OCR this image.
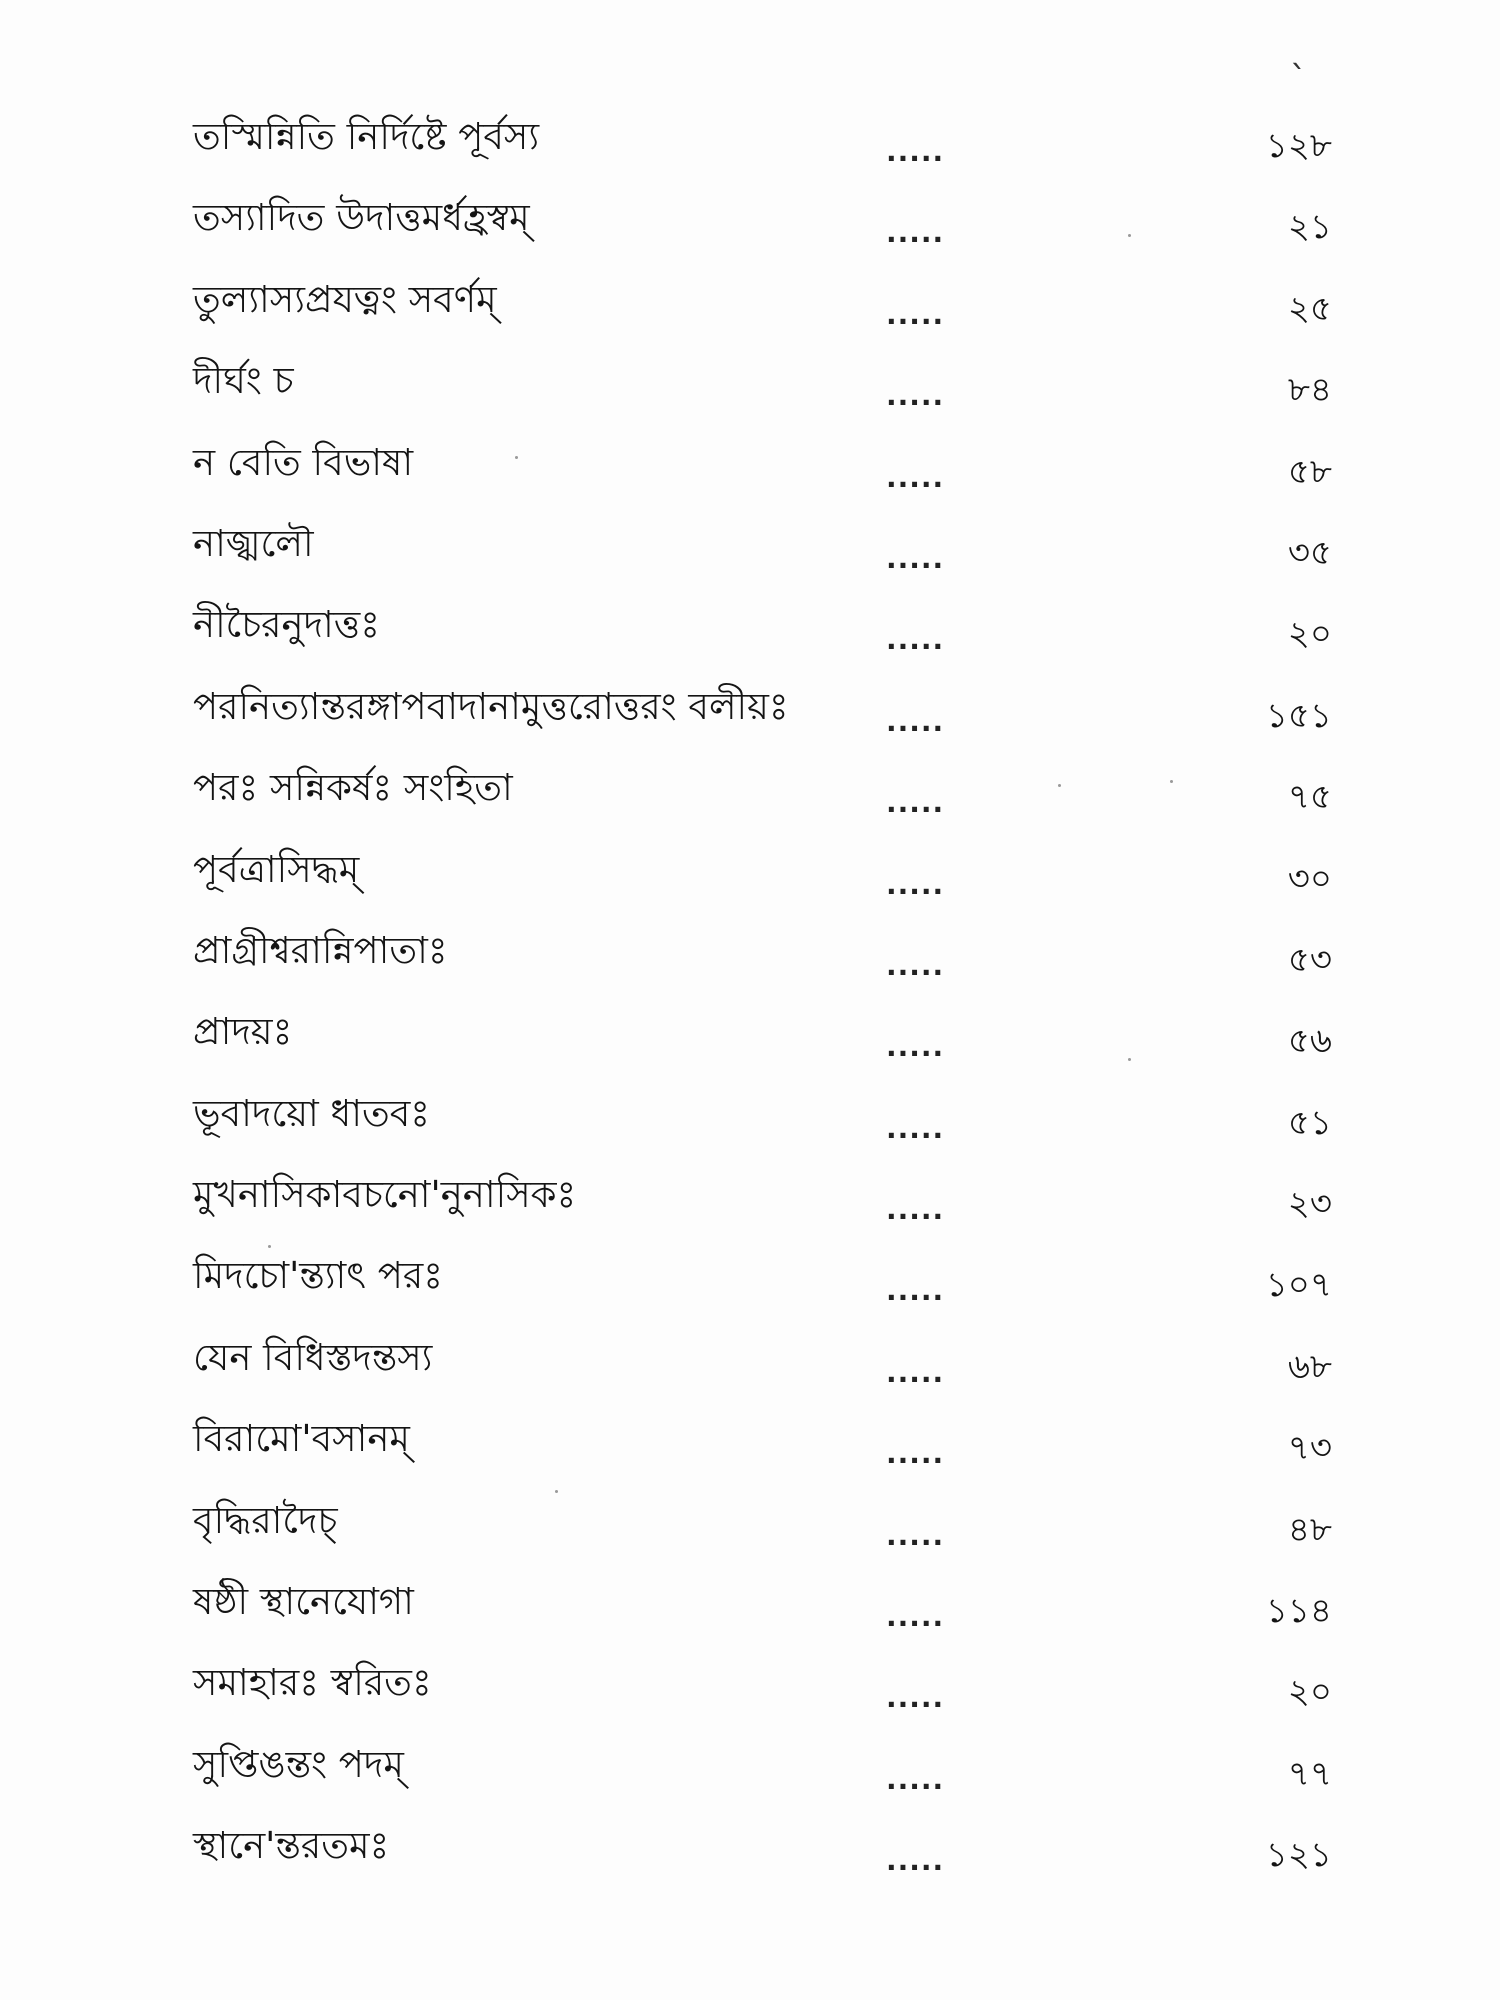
`
তস্মিন্নিতি নির্দিষ্টে পূর্বস্য	.....	১২৮
তস্যাদিত উদাত্তমর্ধহ্রস্বম্	.....	২১
তুল্যাস্যপ্রযত্নং সবর্ণম্	.....	২৫
দীর্ঘং চ	.....	৮৪
ন বেতি বিভাষা	.....	৫৮
নাজ্ঝলৌ	.....	৩৫
নীচৈরনুদাত্তঃ	.....	২০
পরনিত্যান্তরঙ্গাপবাদানামুত্তরোত্তরং বলীয়ঃ	.....	১৫১
পরঃ সন্নিকর্ষঃ সংহিতা	.....	৭৫
পূর্বত্রাসিদ্ধম্	.....	৩০
প্রাগ্রীশ্বরান্নিপাতাঃ	.....	৫৩
প্রাদয়ঃ	.....	৫৬
ভূবাদয়ো ধাতবঃ	.....	৫১
মুখনাসিকাবচনো'নুনাসিকঃ	.....	২৩
মিদচো'ন্ত্যাৎ পরঃ	.....	১০৭
যেন বিধিস্তদন্তস্য	.....	৬৮
বিরামো'বসানম্	.....	৭৩
বৃদ্ধিরাদৈচ্	.....	৪৮
ষষ্ঠী স্থানেযোগা	.....	১১৪
সমাহারঃ স্বরিতঃ	.....	২০
সুপ্তিঙন্তং পদম্	.....	৭৭
স্থানে'ন্তরতমঃ	.....	১২১
